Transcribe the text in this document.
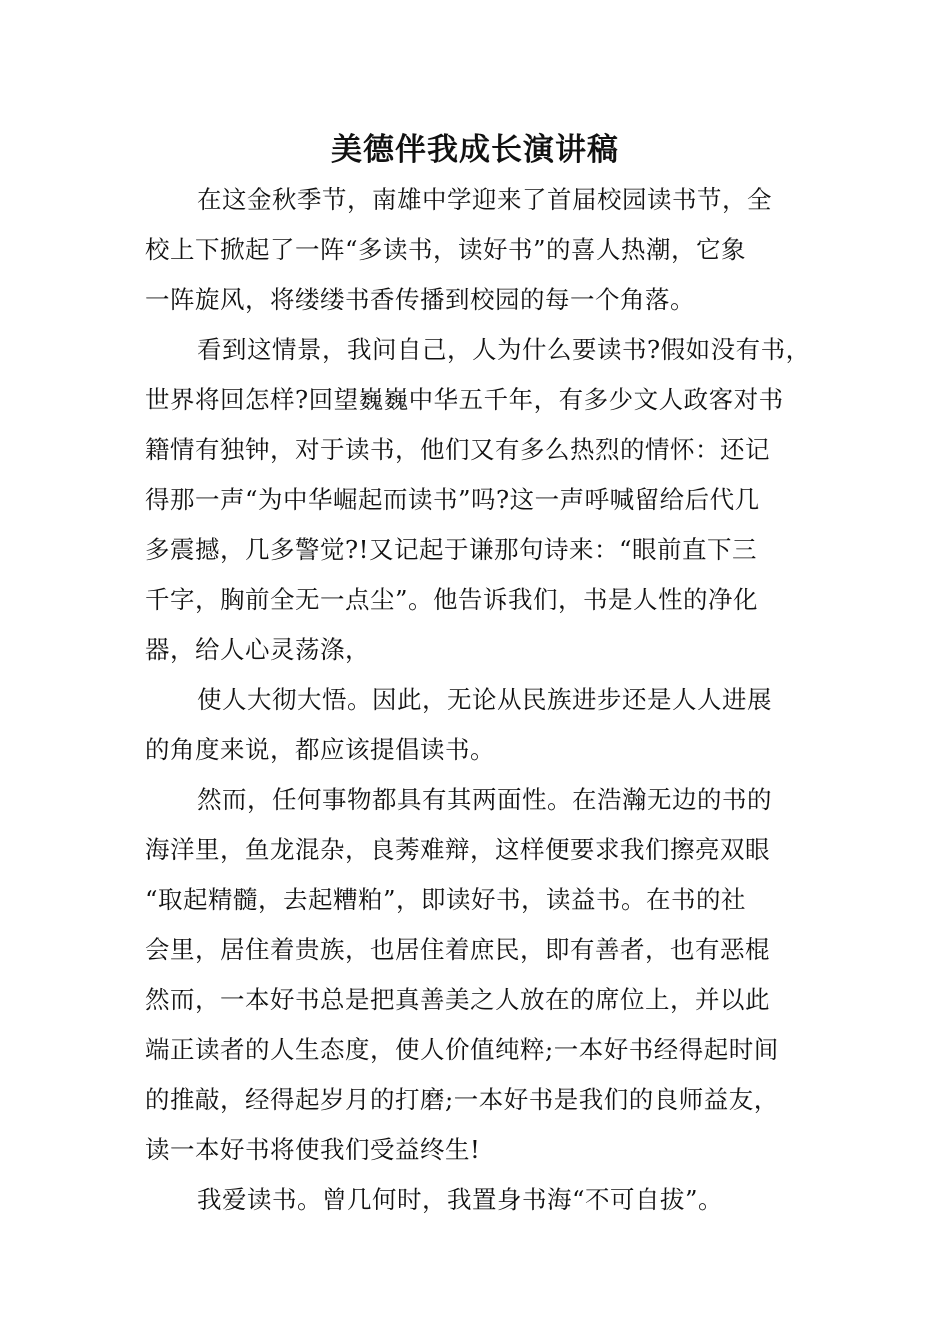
美德伴我成长演讲稿
在这金秋季节，南雄中学迎来了首届校园读书节，全
校上下掀起了一阵“多读书，读好书”的喜人热潮，它象
一阵旋风，将缕缕书香传播到校园的每一个角落。
看到这情景，我问自己，人为什么要读书?假如没有书，
世界将回怎样?回望巍巍中华五千年，有多少文人政客对书
籍情有独钟，对于读书，他们又有多么热烈的情怀：还记
得那一声“为中华崛起而读书”吗?这一声呼喊留给后代几
多震撼，几多警觉?!又记起于谦那句诗来：“眼前直下三
千字，胸前全无一点尘”。他告诉我们，书是人性的净化
器，给人心灵荡涤，
使人大彻大悟。因此，无论从民族进步还是人人进展
的角度来说，都应该提倡读书。
然而，任何事物都具有其两面性。在浩瀚无边的书的
海洋里，鱼龙混杂，良莠难辩，这样便要求我们擦亮双眼
“取起精髓，去起糟粕”，即读好书，读益书。在书的社
会里，居住着贵族，也居住着庶民，即有善者，也有恶棍
然而，一本好书总是把真善美之人放在的席位上，并以此
端正读者的人生态度，使人价值纯粹;一本好书经得起时间
的推敲，经得起岁月的打磨;一本好书是我们的良师益友，
读一本好书将使我们受益终生!
我爱读书。曾几何时，我置身书海“不可自拔”。
